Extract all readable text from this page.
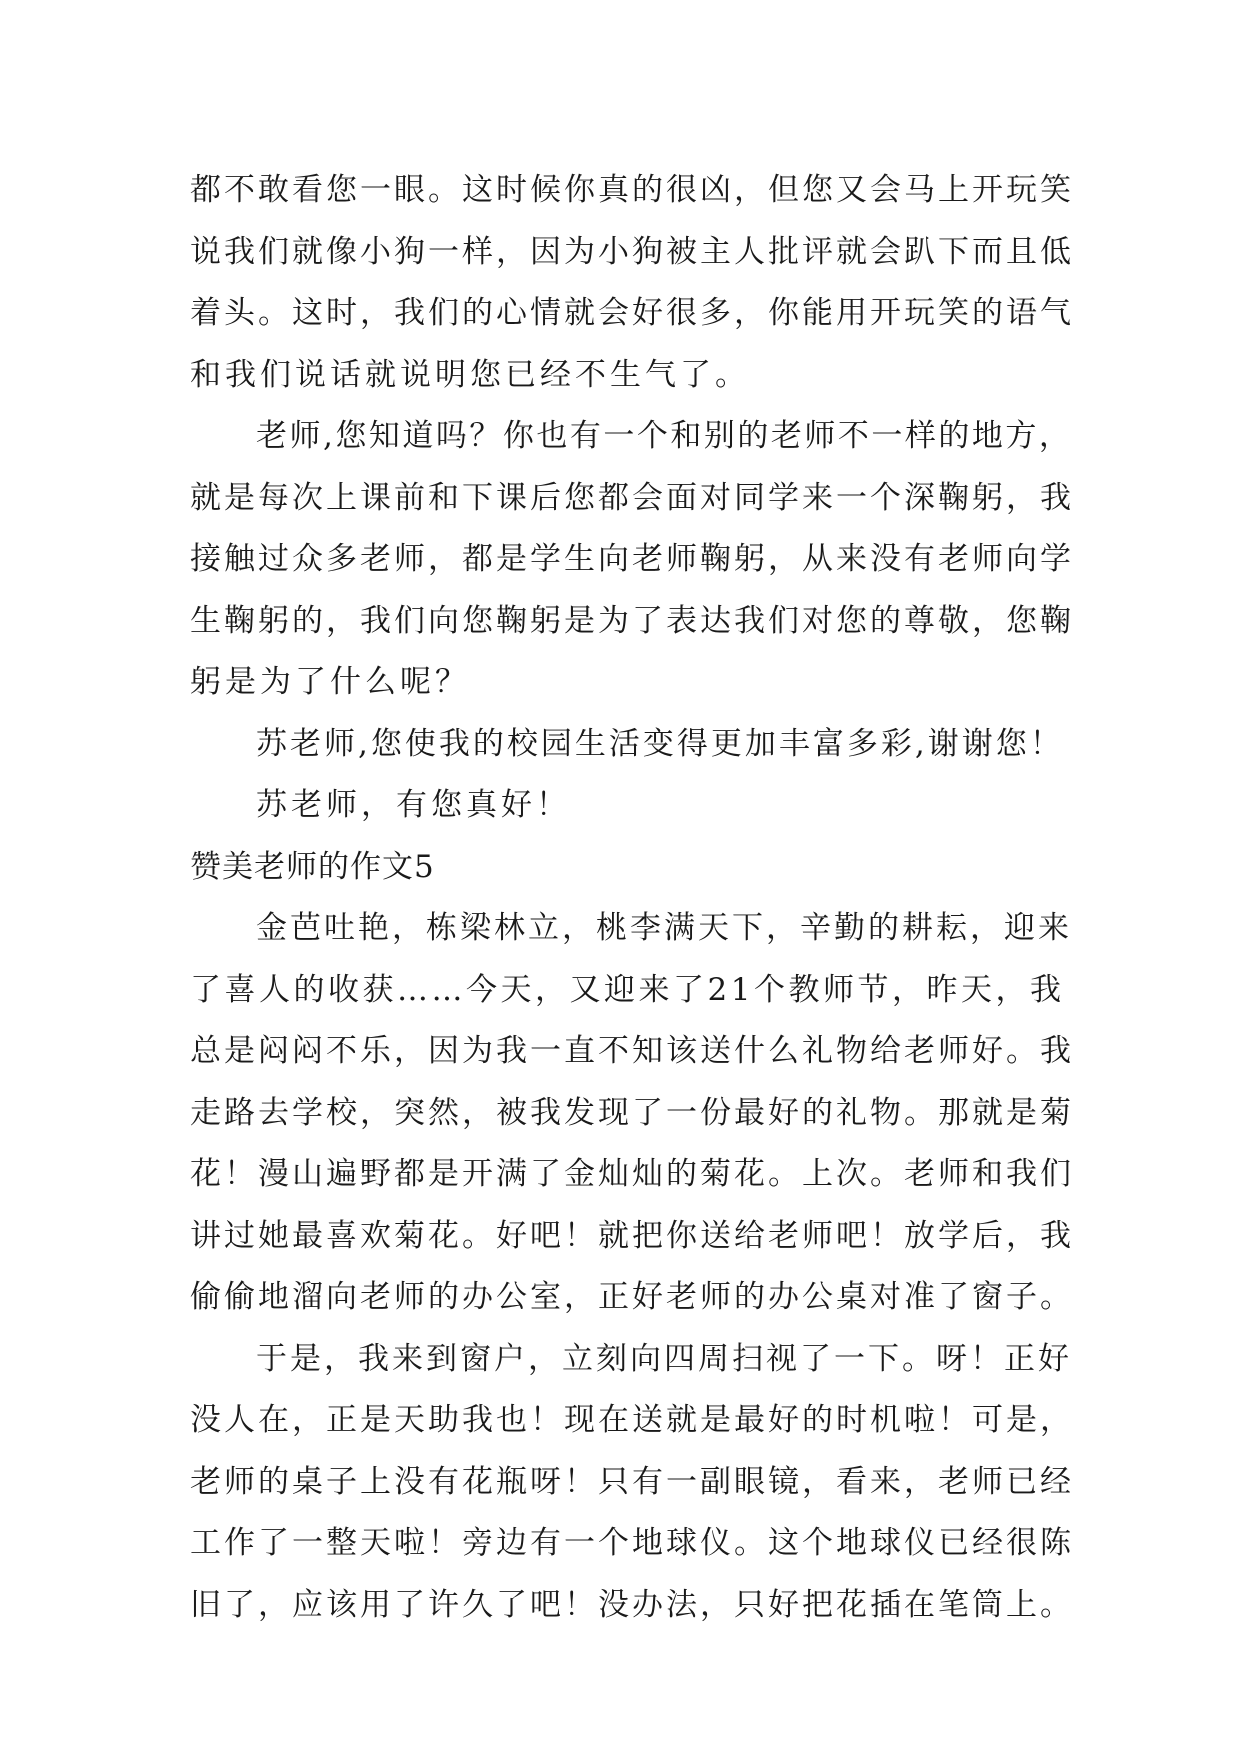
都不敢看您一眼。这时候你真的很凶，但您又会马上开玩笑
说我们就像小狗一样，因为小狗被主人批评就会趴下而且低
着头。这时，我们的心情就会好很多，你能用开玩笑的语气
和我们说话就说明您已经不生气了。
老师,您知道吗？你也有一个和别的老师不一样的地方，
就是每次上课前和下课后您都会面对同学来一个深鞠躬，我
接触过众多老师，都是学生向老师鞠躬，从来没有老师向学
生鞠躬的，我们向您鞠躬是为了表达我们对您的尊敬，您鞠
躬是为了什么呢？
苏老师,您使我的校园生活变得更加丰富多彩,谢谢您！
苏老师，有您真好！
赞美老师的作文5
金芭吐艳，栋梁林立，桃李满天下，辛勤的耕耘，迎来
了喜人的收获……今天，又迎来了21个教师节，昨天，我
总是闷闷不乐，因为我一直不知该送什么礼物给老师好。我
走路去学校，突然，被我发现了一份最好的礼物。那就是菊
花！漫山遍野都是开满了金灿灿的菊花。上次。老师和我们
讲过她最喜欢菊花。好吧！就把你送给老师吧！放学后，我
偷偷地溜向老师的办公室，正好老师的办公桌对准了窗子。
于是，我来到窗户，立刻向四周扫视了一下。呀！正好
没人在，正是天助我也！现在送就是最好的时机啦！可是，
老师的桌子上没有花瓶呀！只有一副眼镜，看来，老师已经
工作了一整天啦！旁边有一个地球仪。这个地球仪已经很陈
旧了，应该用了许久了吧！没办法，只好把花插在笔筒上。
